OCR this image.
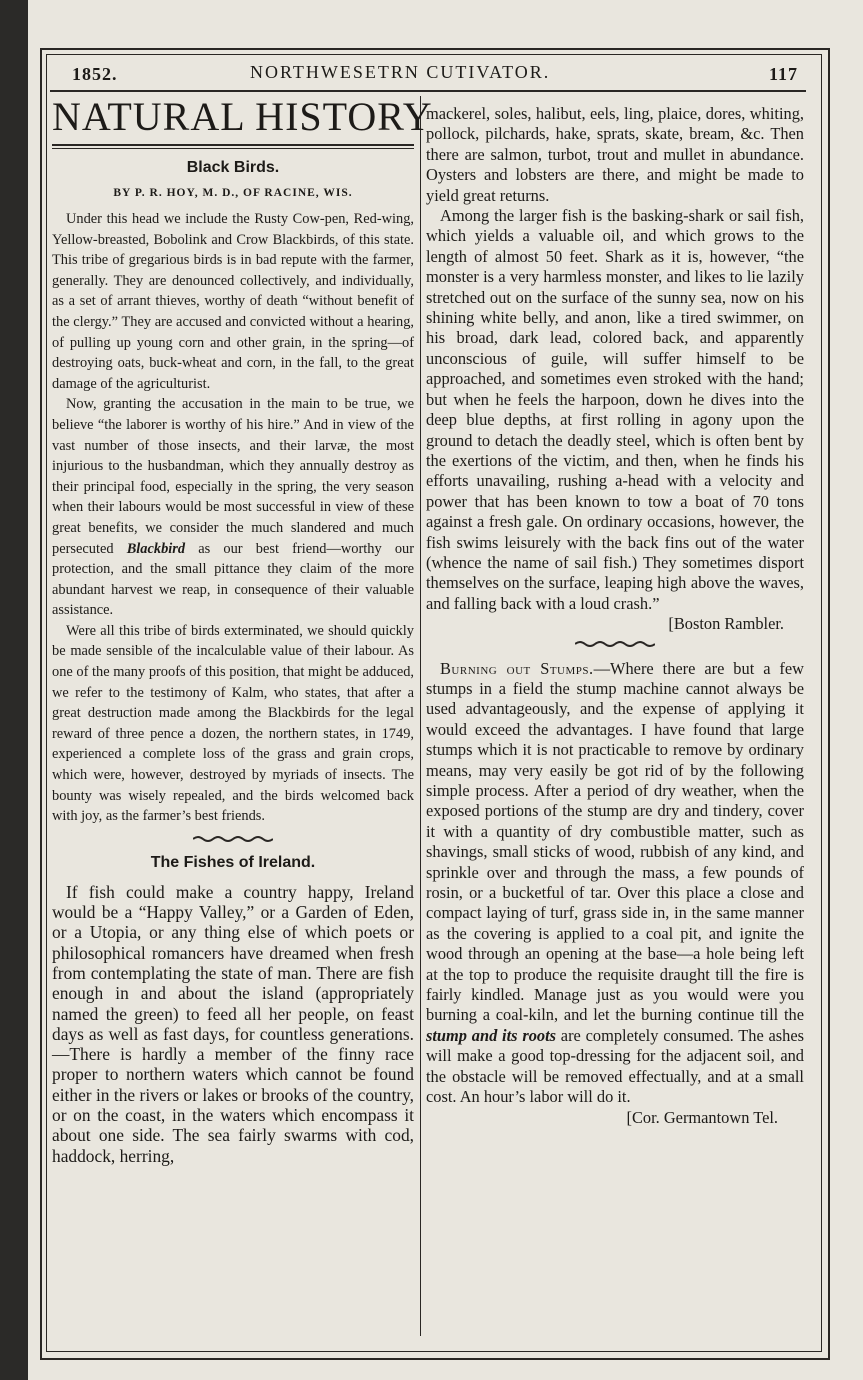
1852.	NORTHWESETRN CUTIVATOR.	117
NATURAL HISTORY
Black Birds.
BY P. R. HOY, M. D., OF RACINE, WIS.

Under this head we include the Rusty Cow-pen, Red-wing, Yellow-breasted, Bobolink and Crow Blackbirds, of this state. This tribe of gregarious birds is in bad repute with the farmer, generally. They are denounced collectively, and individually, as a set of arrant thieves, worthy of death “without benefit of the clergy.” They are accused and convicted without a hearing, of pulling up young corn and other grain, in the spring—of destroying oats, buck-wheat and corn, in the fall, to the great damage of the agriculturist.

Now, granting the accusation in the main to be true, we believe “the laborer is worthy of his hire.” And in view of the vast number of those insects, and their larvæ, the most injurious to the husbandman, which they annually destroy as their principal food, especially in the spring, the very season when their labours would be most successful in view of these great benefits, we consider the much slandered and much persecuted Blackbird as our best friend—worthy our protection, and the small pittance they claim of the more abundant harvest we reap, in consequence of their valuable assistance.

Were all this tribe of birds exterminated, we should quickly be made sensible of the incalculable value of their labour. As one of the many proofs of this position, that might be adduced, we refer to the testimony of Kalm, who states, that after a great destruction made among the Blackbirds for the legal reward of three pence a dozen, the northern states, in 1749, experienced a complete loss of the grass and grain crops, which were, however, destroyed by myriads of insects. The bounty was wisely repealed, and the birds welcomed back with joy, as the farmer’s best friends.

The Fishes of Ireland.

If fish could make a country happy, Ireland would be a “Happy Valley,” or a Garden of Eden, or a Utopia, or any thing else of which poets or philosophical romancers have dreamed when fresh from contemplating the state of man. There are fish enough in and about the island (appropriately named the green) to feed all her people, on feast days as well as fast days, for countless generations.—There is hardly a member of the finny race proper to northern waters which cannot be found either in the rivers or lakes or brooks of the country, or on the coast, in the waters which encompass it about one side. The sea fairly swarms with cod, haddock, herring,

mackerel, soles, halibut, eels, ling, plaice, dores, whiting, pollock, pilchards, hake, sprats, skate, bream, &c. Then there are salmon, turbot, trout and mullet in abundance. Oysters and lobsters are there, and might be made to yield great returns.

Among the larger fish is the basking-shark or sail fish, which yields a valuable oil, and which grows to the length of almost 50 feet. Shark as it is, however, “the monster is a very harmless monster, and likes to lie lazily stretched out on the surface of the sunny sea, now on his shining white belly, and anon, like a tired swimmer, on his broad, dark lead, colored back, and apparently unconscious of guile, will suffer himself to be approached, and sometimes even stroked with the hand; but when he feels the harpoon, down he dives into the deep blue depths, at first rolling in agony upon the ground to detach the deadly steel, which is often bent by the exertions of the victim, and then, when he finds his efforts unavailing, rushing a-head with a velocity and power that has been known to tow a boat of 70 tons against a fresh gale. On ordinary occasions, however, the fish swims leisurely with the back fins out of the water (whence the name of sail fish.) They sometimes disport themselves on the surface, leaping high above the waves, and falling back with a loud crash.”
[Boston Rambler.

Burning out Stumps.—Where there are but a few stumps in a field the stump machine cannot always be used advantageously, and the expense of applying it would exceed the advantages. I have found that large stumps which it is not practicable to remove by ordinary means, may very easily be got rid of by the following simple process. After a period of dry weather, when the exposed portions of the stump are dry and tindery, cover it with a quantity of dry combustible matter, such as shavings, small sticks of wood, rubbish of any kind, and sprinkle over and through the mass, a few pounds of rosin, or a bucketful of tar. Over this place a close and compact laying of turf, grass side in, in the same manner as the covering is applied to a coal pit, and ignite the wood through an opening at the base—a hole being left at the top to produce the requisite draught till the fire is fairly kindled. Manage just as you would were you burning a coal-kiln, and let the burning continue till the stump and its roots are completely consumed. The ashes will make a good top-dressing for the adjacent soil, and the obstacle will be removed effectually, and at a small cost. An hour’s labor will do it.

[Cor. Germantown Tel.
